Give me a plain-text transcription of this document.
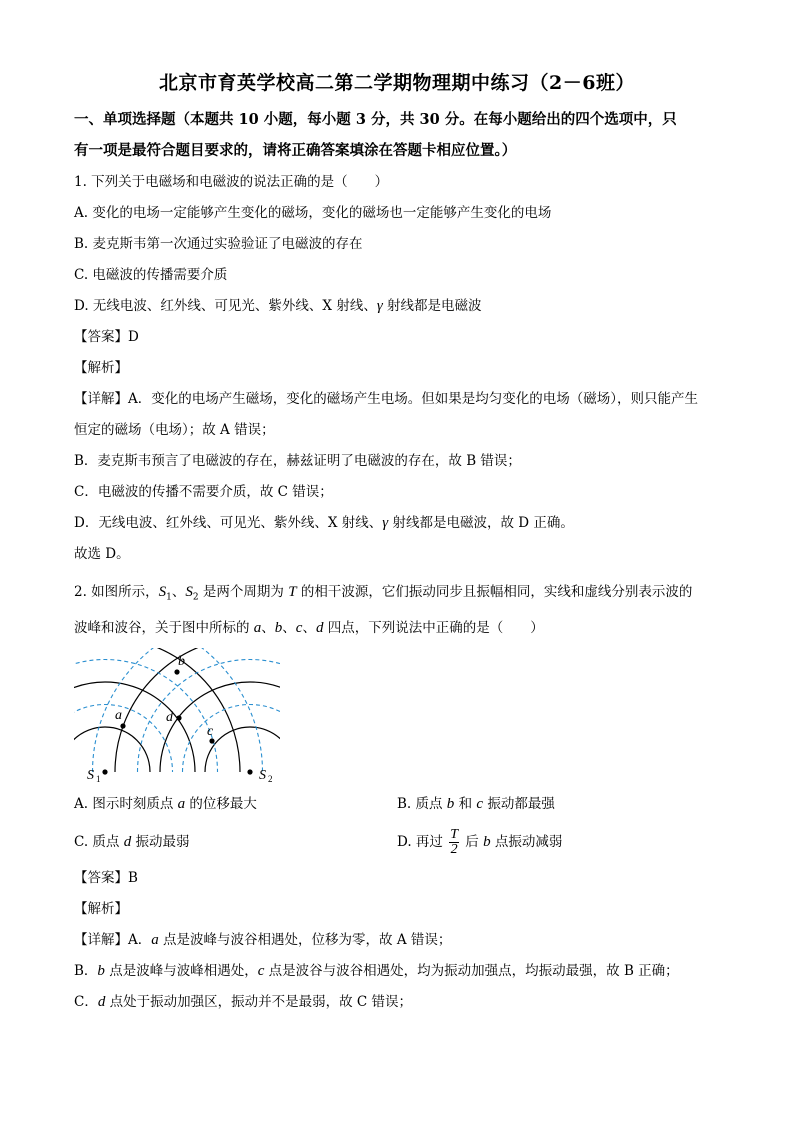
北京市育英学校高二第二学期物理期中练习（2－6班）
一、单项选择题（本题共 10 小题，每小题 3 分，共 30 分。在每小题给出的四个选项中，只
有一项是最符合题目要求的，请将正确答案填涂在答题卡相应位置。）
1. 下列关于电磁场和电磁波的说法正确的是（　　）
A. 变化的电场一定能够产生变化的磁场，变化的磁场也一定能够产生变化的电场
B. 麦克斯韦第一次通过实验验证了电磁波的存在
C. 电磁波的传播需要介质
D. 无线电波、红外线、可见光、紫外线、X 射线、γ 射线都是电磁波
【答案】D
【解析】
【详解】A．变化的电场产生磁场，变化的磁场产生电场。但如果是均匀变化的电场（磁场），则只能产生
恒定的磁场（电场）；故 A 错误；
B．麦克斯韦预言了电磁波的存在，赫兹证明了电磁波的存在，故 B 错误；
C．电磁波的传播不需要介质，故 C 错误；
D．无线电波、红外线、可见光、紫外线、X 射线、γ 射线都是电磁波，故 D 正确。
故选 D。
2. 如图所示，$S_1$、$S_2$ 是两个周期为 T 的相干波源，它们振动同步且振幅相同，实线和虚线分别表示波的
波峰和波谷，关于图中所标的 a、b、c、d 四点，下列说法中正确的是（　　）
b
a	d
c
S 1	S 2
A. 图示时刻质点 a 的位移最大	B. 质点 b 和 c 振动都最强
C. 质点 d 振动最弱	D. 再过 $\frac{T}{2}$ 后 b 点振动减弱
【答案】B
【解析】
【详解】A．a 点是波峰与波谷相遇处，位移为零，故 A 错误；
B．b 点是波峰与波峰相遇处，c 点是波谷与波谷相遇处，均为振动加强点，均振动最强，故 B 正确；
C．d 点处于振动加强区，振动并不是最弱，故 C 错误；
